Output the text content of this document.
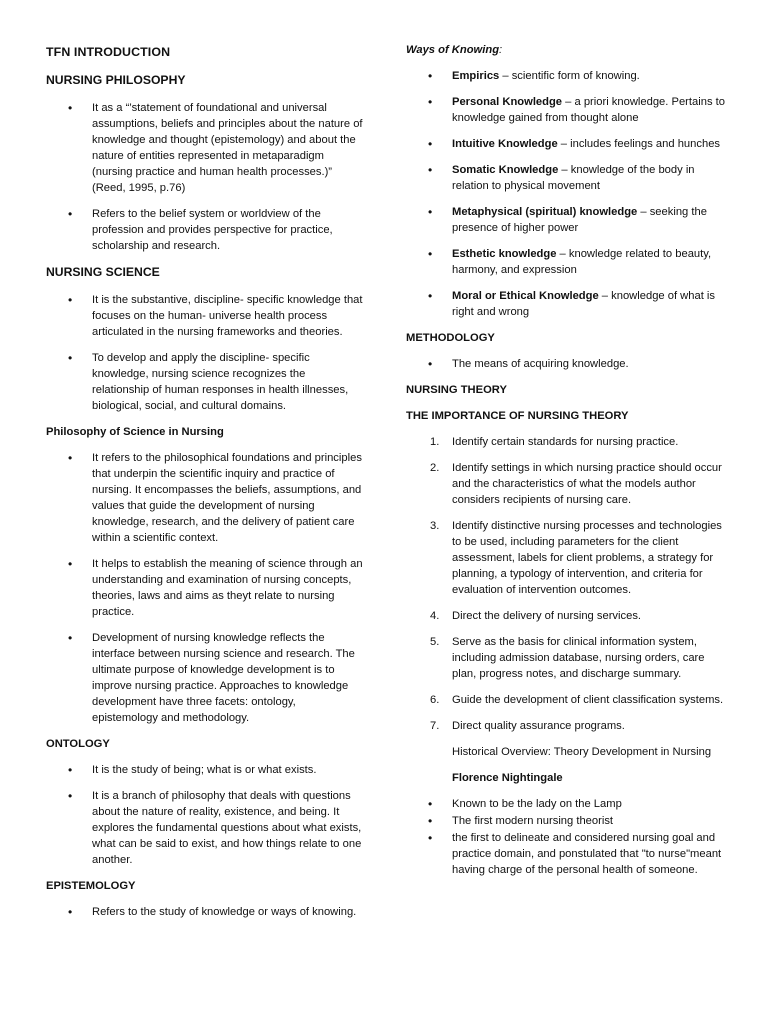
TFN INTRODUCTION
NURSING PHILOSOPHY
• It as a “’statement of foundational and universal assumptions, beliefs and principles about the nature of knowledge and thought (epistemology) and about the nature of entities represented in metaparadigm (nursing practice and human health processes.)” (Reed, 1995, p.76)
• Refers to the belief system or worldview of the profession and provides perspective for practice, scholarship and research.
NURSING SCIENCE
• It is the substantive, discipline- specific knowledge that focuses on the human- universe health process articulated in the nursing frameworks and theories.
• To develop and apply the discipline- specific knowledge, nursing science recognizes the relationship of human responses in health illnesses, biological, social, and cultural domains.
Philosophy of Science in Nursing
• It refers to the philosophical foundations and principles that underpin the scientific inquiry and practice of nursing. It encompasses the beliefs, assumptions, and values that guide the development of nursing knowledge, research, and the delivery of patient care within a scientific context.
• It helps to establish the meaning of science through an understanding and examination of nursing concepts, theories, laws and aims as theyt relate to nursing practice.
• Development of nursing knowledge reflects the interface between nursing science and research. The ultimate purpose of knowledge development is to improve nursing practice. Approaches to knowledge development have three facets: ontology, epistemology and methodology.
ONTOLOGY
• It is the study of being; what is or what exists.
• It is a branch of philosophy that deals with questions about the nature of reality, existence, and being. It explores the fundamental questions about what exists, what can be said to exist, and how things relate to one another.
EPISTEMOLOGY
• Refers to the study of knowledge or ways of knowing.
Ways of Knowing:
• Empirics – scientific form of knowing.
• Personal Knowledge – a priori knowledge. Pertains to knowledge gained from thought alone
• Intuitive Knowledge – includes feelings and hunches
• Somatic Knowledge – knowledge of the body in relation to physical movement
• Metaphysical (spiritual) knowledge – seeking the presence of higher power
• Esthetic knowledge – knowledge related to beauty, harmony, and expression
• Moral or Ethical Knowledge – knowledge of what is right and wrong
METHODOLOGY
• The means of acquiring knowledge.
NURSING THEORY
THE IMPORTANCE OF NURSING THEORY
1. Identify certain standards for nursing practice.
2. Identify settings in which nursing practice should occur and the characteristics of what the models author considers recipients of nursing care.
3. Identify distinctive nursing processes and technologies to be used, including parameters for the client assessment, labels for client problems, a strategy for planning, a typology of intervention, and criteria for evaluation of intervention outcomes.
4. Direct the delivery of nursing services.
5. Serve as the basis for clinical information system, including admission database, nursing orders, care plan, progress notes, and discharge summary.
6. Guide the development of client classification systems.
7. Direct quality assurance programs.
Historical Overview: Theory Development in Nursing
Florence Nightingale
• Known to be the lady on the Lamp
• The first modern nursing theorist
• the first to delineate and considered nursing goal and practice domain, and ponstulated that "to nurse"meant having charge of the personal health of someone.
